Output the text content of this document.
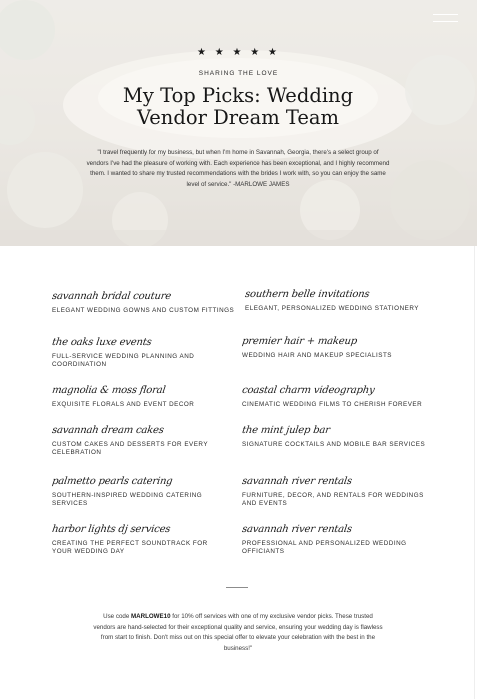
★ ★ ★ ★ ★
SHARING THE LOVE
My Top Picks: Wedding Vendor Dream Team

"I travel frequently for my business, but when I'm home in Savannah, Georgia, there's a select group of vendors I've had the pleasure of working with. Each experience has been exceptional, and I highly recommend them. I wanted to share my trusted recommendations with the brides I work with, so you can enjoy the same level of service." -MARLOWE JAMES

savannah bridal couture
ELEGANT WEDDING GOWNS AND CUSTOM FITTINGS
southern belle invitations
ELEGANT, PERSONALIZED WEDDING STATIONERY
the oaks luxe events
FULL-SERVICE WEDDING PLANNING AND COORDINATION
premier hair + makeup
WEDDING HAIR AND MAKEUP SPECIALISTS
magnolia & moss floral
EXQUISITE FLORALS AND EVENT DECOR
coastal charm videography
CINEMATIC WEDDING FILMS TO CHERISH FOREVER
savannah dream cakes
CUSTOM CAKES AND DESSERTS FOR EVERY CELEBRATION
the mint julep bar
SIGNATURE COCKTAILS AND MOBILE BAR SERVICES
palmetto pearls catering
SOUTHERN-INSPIRED WEDDING CATERING SERVICES
savannah river rentals
FURNITURE, DECOR, AND RENTALS FOR WEDDINGS AND EVENTS
harbor lights dj services
CREATING THE PERFECT SOUNDTRACK FOR YOUR WEDDING DAY
savannah river rentals
PROFESSIONAL AND PERSONALIZED WEDDING OFFICIANTS

Use code MARLOWE10 for 10% off services with one of my exclusive vendor picks. These trusted vendors are hand-selected for their exceptional quality and service, ensuring your wedding day is flawless from start to finish. Don't miss out on this special offer to elevate your celebration with the best in the business!"
